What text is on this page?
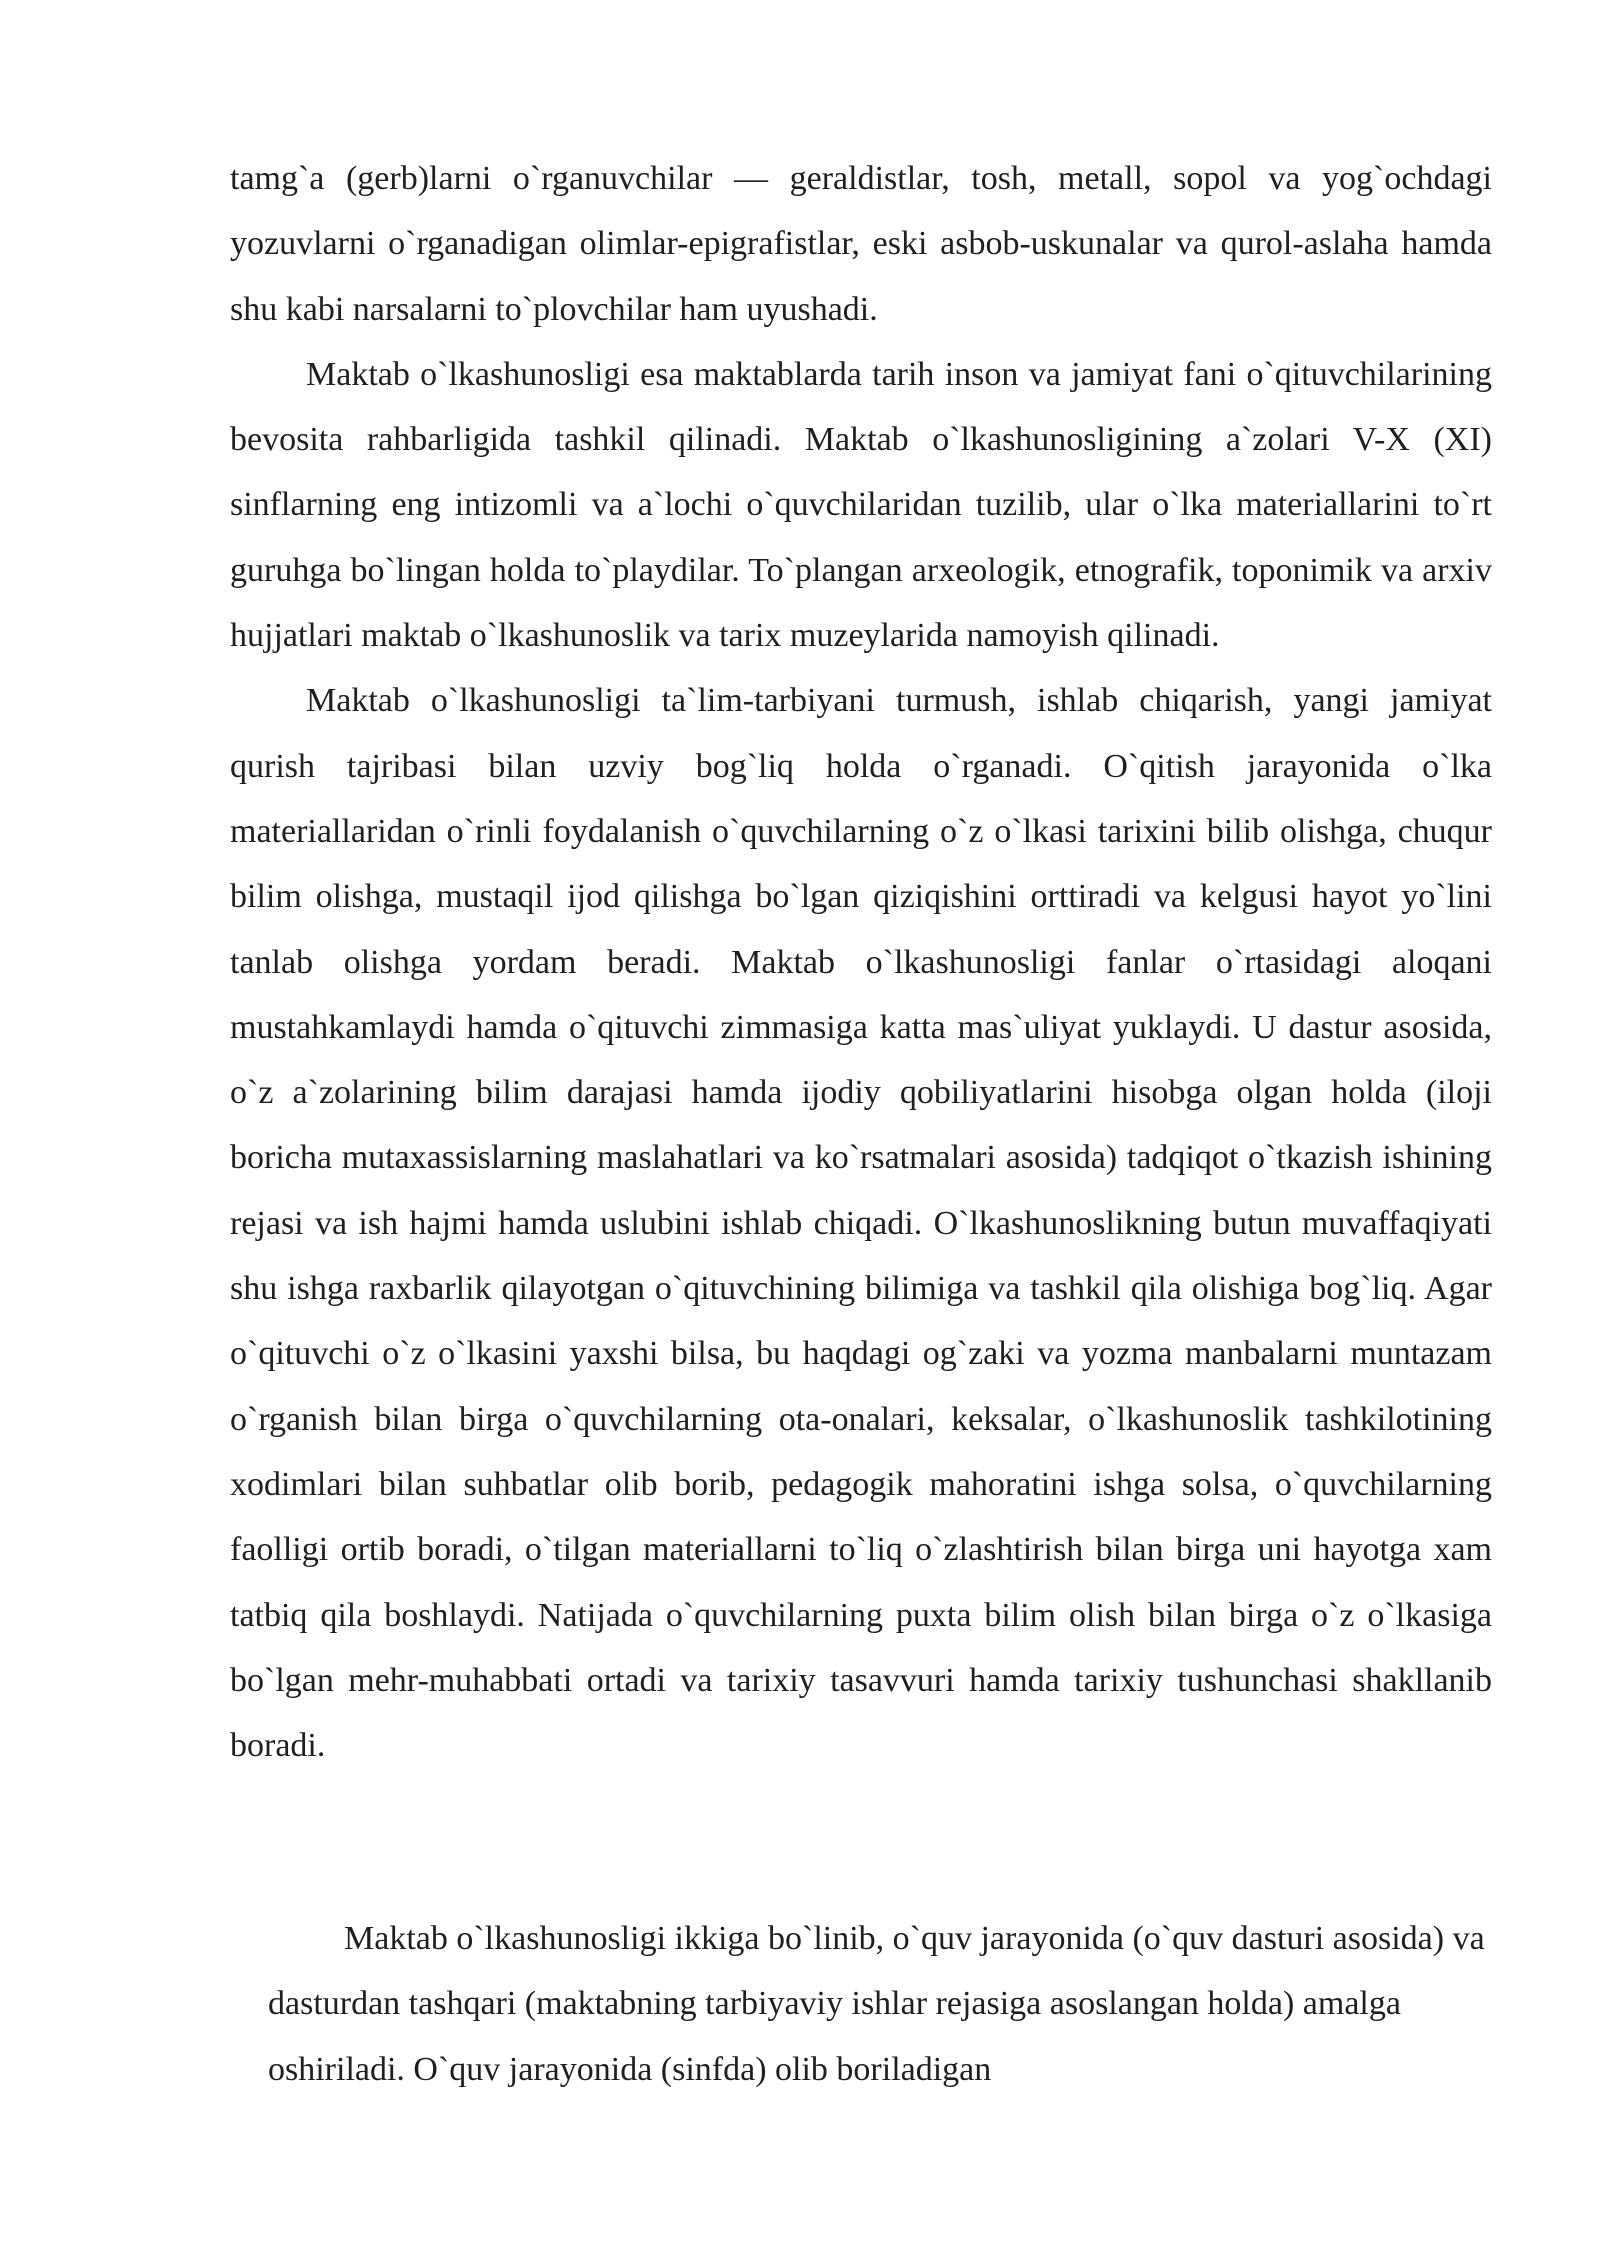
tamg`a (gerb)larni o`rganuvchilar — geraldistlar, tosh, metall, sopol va yog`ochdagi yozuvlarni o`rganadigan olimlar-epigrafistlar, eski asbob-uskunalar va qurol-aslaha hamda shu kabi narsalarni to`plovchilar ham uyushadi.

Maktab o`lkashunosligi esa maktablarda tarih inson va jamiyat fani o`qituvchilarining bevosita rahbarligida tashkil qilinadi. Maktab o`lkashunosligining a`zolari V-X (XI) sinflarning eng intizomli va a`lochi o`quvchilaridan tuzilib, ular o`lka materiallarini to`rt guruhga bo`lingan holda to`playdilar. To`plangan arxeologik, etnografik, toponimik va arxiv hujjatlari maktab o`lkashunoslik va tarix muzeylarida namoyish qilinadi.

Maktab o`lkashunosligi ta`lim-tarbiyani turmush, ishlab chiqarish, yangi jamiyat qurish tajribasi bilan uzviy bog`liq holda o`rganadi. O`qitish jarayonida o`lka materiallaridan o`rinli foydalanish o`quvchilarning o`z o`lkasi tarixini bilib olishga, chuqur bilim olishga, mustaqil ijod qilishga bo`lgan qiziqishini orttiradi va kelgusi hayot yo`lini tanlab olishga yordam beradi. Maktab o`lkashunosligi fanlar o`rtasidagi aloqani mustahkamlaydi hamda o`qituvchi zimmasiga katta mas`uliyat yuklaydi. U dastur asosida, o`z a`zolarining bilim darajasi hamda ijodiy qobiliyatlarini hisobga olgan holda (iloji boricha mutaxassislarning maslahatlari va ko`rsatmalari asosida) tadqiqot o`tkazish ishining rejasi va ish hajmi hamda uslubini ishlab chiqadi. O`lkashunoslikning butun muvaffaqiyati shu ishga raxbarlik qilayotgan o`qituvchining bilimiga va tashkil qila olishiga bog`liq. Agar o`qituvchi o`z o`lkasini yaxshi bilsa, bu haqdagi og`zaki va yozma manbalarni muntazam o`rganish bilan birga o`quvchilarning ota-onalari, keksalar, o`lkashunoslik tashkilotining xodimlari bilan suhbatlar olib borib, pedagogik mahoratini ishga solsa, o`quvchilarning faolligi ortib boradi, o`tilgan materiallarni to`liq o`zlashtirish bilan birga uni hayotga xam tatbiq qila boshlaydi. Natijada o`quvchilarning puxta bilim olish bilan birga o`z o`lkasiga bo`lgan mehr-muhabbati ortadi va tarixiy tasavvuri hamda tarixiy tushunchasi shakllanib boradi.

Maktab o`lkashunosligi ikkiga bo`linib, o`quv jarayonida (o`quv dasturi asosida) va dasturdan tashqari (maktabning tarbiyaviy ishlar rejasiga asoslangan holda) amalga oshiriladi. O`quv jarayonida (sinfda) olib boriladigan
